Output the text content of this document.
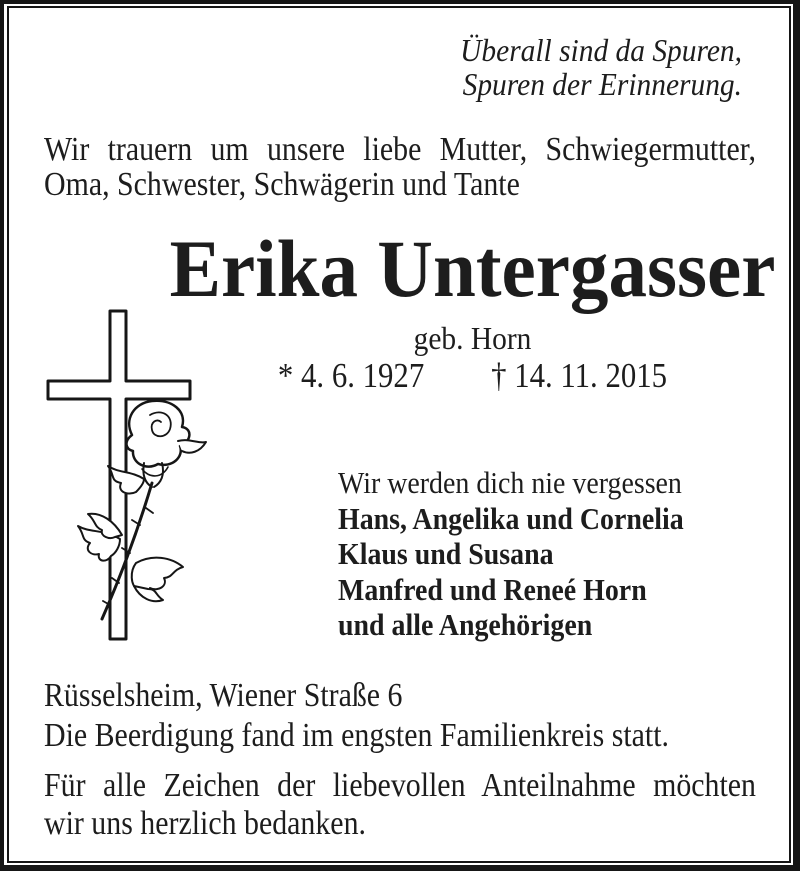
Überall sind da Spuren,
Spuren der Erinnerung.
Wir trauern um unsere liebe Mutter, Schwiegermutter,
Oma, Schwester, Schwägerin und Tante
Erika Untergasser
geb. Horn
* 4. 6. 1927 † 14. 11. 2015
Wir werden dich nie vergessen
Hans, Angelika und Cornelia
Klaus und Susana
Manfred und Reneé Horn
und alle Angehörigen
Rüsselsheim, Wiener Straße 6
Die Beerdigung fand im engsten Familienkreis statt.
Für alle Zeichen der liebevollen Anteilnahme möchten
wir uns herzlich bedanken.
